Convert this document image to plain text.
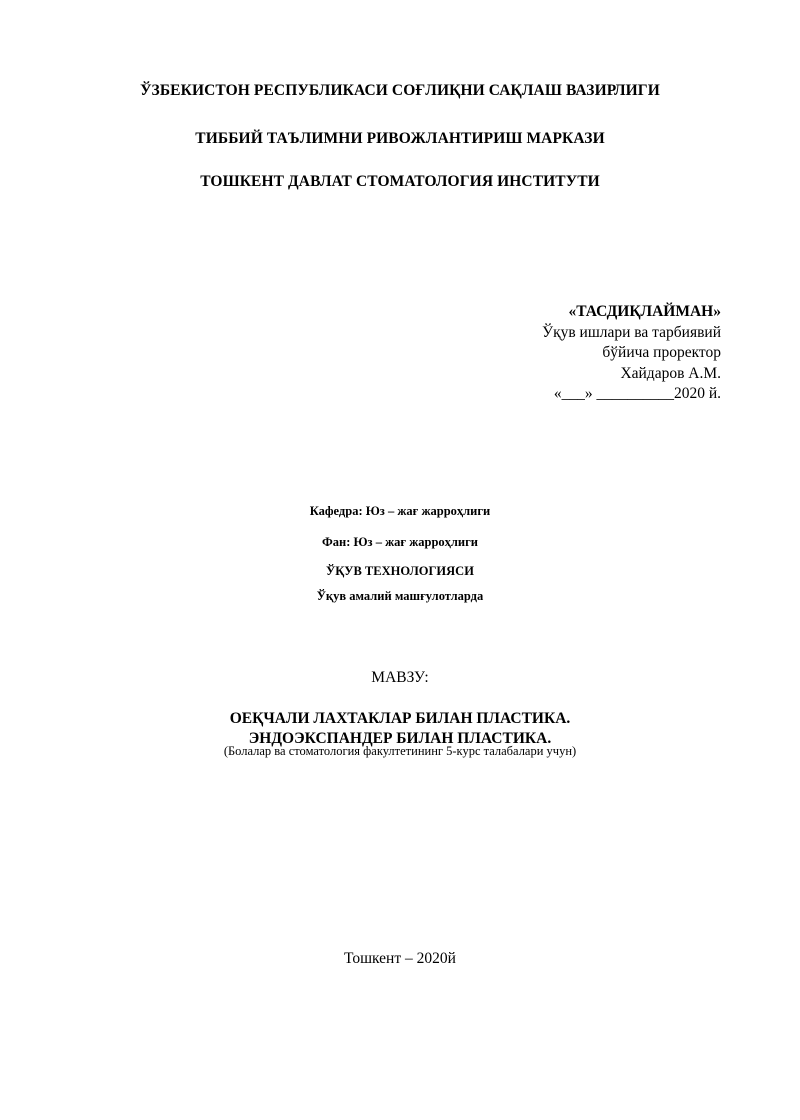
ЎЗБЕКИСТОН РЕСПУБЛИКАСИ СОҒЛИҚНИ САҚЛАШ ВАЗИРЛИГИ

ТИББИЙ ТАЪЛИМНИ РИВОЖЛАНТИРИШ МАРКАЗИ

ТОШКЕНТ ДАВЛАТ СТОМАТОЛОГИЯ ИНСТИТУТИ

«ТАСДИҚЛАЙМАН»
Ўқув ишлари ва тарбиявий
бўйича проректор
Хайдаров А.М.
«___» __________2020 й.

Кафедра: Юз – жағ жарроҳлиги

Фан: Юз – жағ жарроҳлиги

ЎҚУВ ТЕХНОЛОГИЯСИ

Ўқув амалий машғулотларда

МАВЗУ:

ОЕҚЧАЛИ ЛАХТАКЛАР БИЛАН ПЛАСТИКА.
ЭНДОЭКСПАНДЕР БИЛАН ПЛАСТИКА.

(Болалар ва стоматология факултетининг 5-курс талабалари учун)

Тошкент – 2020й
